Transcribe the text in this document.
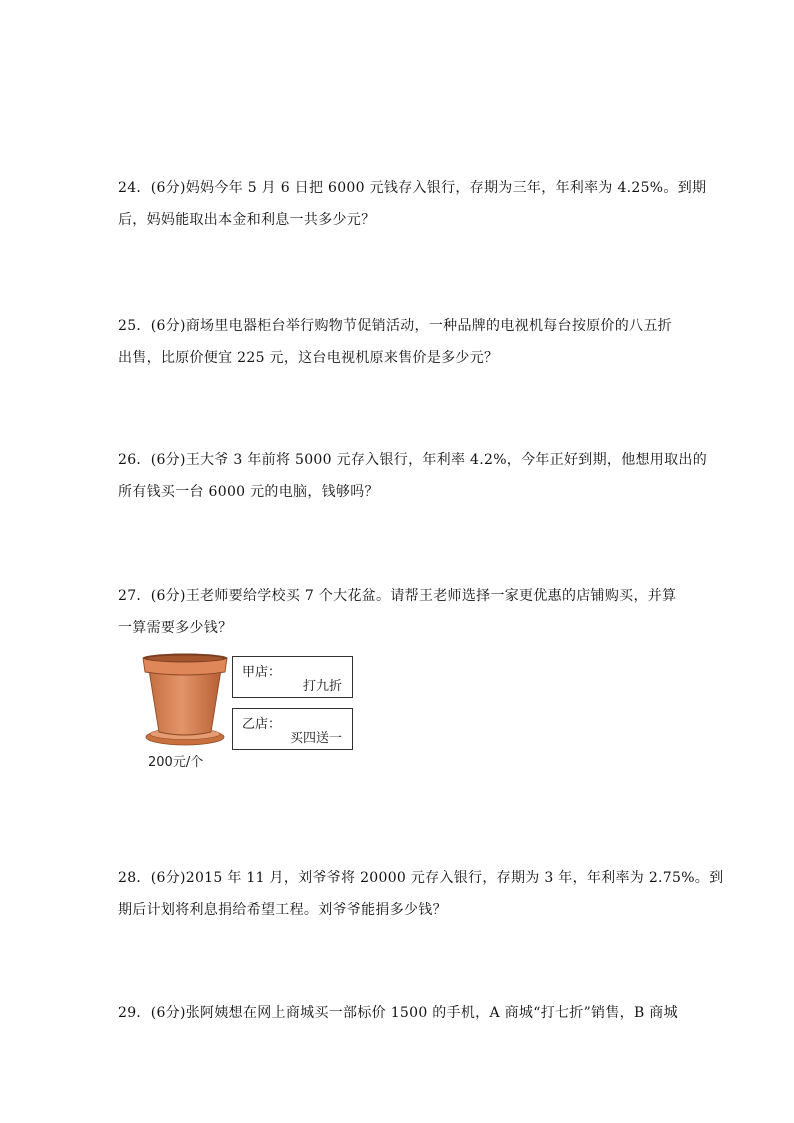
24．(6分)妈妈今年 5 月 6 日把 6000 元钱存入银行，存期为三年，年利率为 4.25%。到期

后，妈妈能取出本金和利息一共多少元？

25．(6分)商场里电器柜台举行购物节促销活动，一种品牌的电视机每台按原价的八五折

出售，比原价便宜 225 元，这台电视机原来售价是多少元？

26．(6分)王大爷 3 年前将 5000 元存入银行，年利率 4.2%，今年正好到期，他想用取出的

所有钱买一台 6000 元的电脑，钱够吗？

27．(6分)王老师要给学校买 7 个大花盆。请帮王老师选择一家更优惠的店铺购买，并算

一算需要多少钱？

200元/个
甲店：
打九折
乙店：
买四送一

28．(6分)2015 年 11 月，刘爷爷将 20000 元存入银行，存期为 3 年，年利率为 2.75%。到

期后计划将利息捐给希望工程。刘爷爷能捐多少钱？

29．(6分)张阿姨想在网上商城买一部标价 1500 的手机，A 商城“打七折”销售，B 商城
